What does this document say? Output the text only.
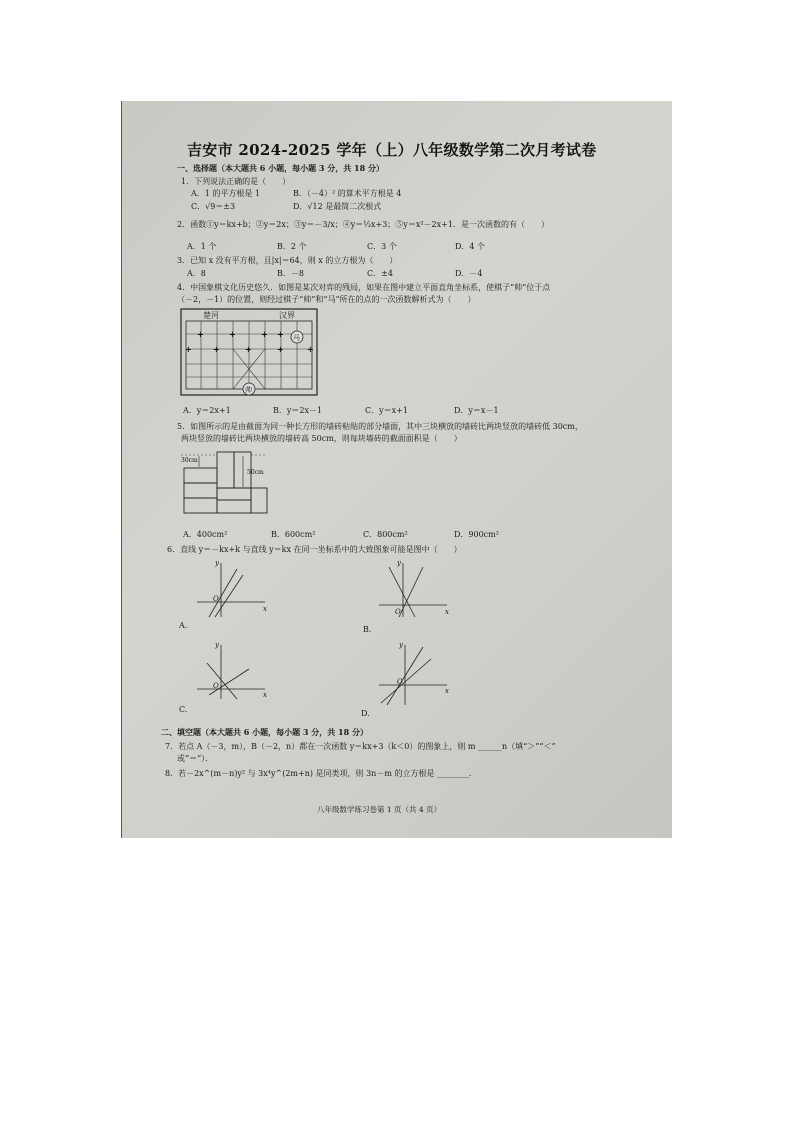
吉安市 2024-2025 学年（上）八年级数学第二次月考试卷
一、选择题（本大题共 6 小题，每小题 3 分，共 18 分）
1．下列说法正确的是（　　）
A．1 的平方根是 1	B．（－4）² 的算术平方根是 4
C．√9＝±3	D．√12 是最简二次根式
2．函数①y＝kx+b；②y＝2x；③y＝－3/x；④y＝⅓x+3；⑤y＝x²－2x+1．是一次函数的有（　　）
A．1 个	B．2 个	C．3 个	D．4 个
3．已知 x 没有平方根，且|x|＝64，则 x 的立方根为（　　）
A．8	B．－8	C．±4	D．－4
4．中国象棋文化历史悠久．如图是某次对弈的残局，如果在图中建立平面直角坐标系，使棋子“帅”位于点
（－2，－1）的位置，则经过棋子“帅”和“马”所在的点的一次函数解析式为（　　）
楚河	汉界
+	+	+ +
+	+	+	+	+
马
帅
A．y＝2x+1	B．y＝2x－1	C．y＝x+1	D．y＝x－1
5．如图所示的是由截面为同一种长方形的墙砖粘贴的部分墙面，其中三块横放的墙砖比两块竖放的墙砖低 30cm，
两块竖放的墙砖比两块横放的墙砖高 50cm，则每块墙砖的截面面积是（　　）
30cm
50cm
A．400cm²	B．600cm²	C．800cm²	D．900cm²
6．直线 y＝－kx+k 与直线 y＝kx 在同一坐标系中的大致图象可能是图中（　　）
y
x
O
A.
y
x
O
B.
y
x
O
C.
y
x
O
D.
二、填空题（本大题共 6 小题，每小题 3 分，共 18 分）
7．若点 A（－3，m），B（－2，n）都在一次函数 y＝kx+3（k＜0）的图象上，则 m ______n（填“＞”“＜”
或“＝”）．
8．若－2x^(m－n)y² 与 3x⁴y^(2m+n) 是同类项，则 3n－m 的立方根是 ________．
八年级数学练习卷第 1 页（共 4 页）
